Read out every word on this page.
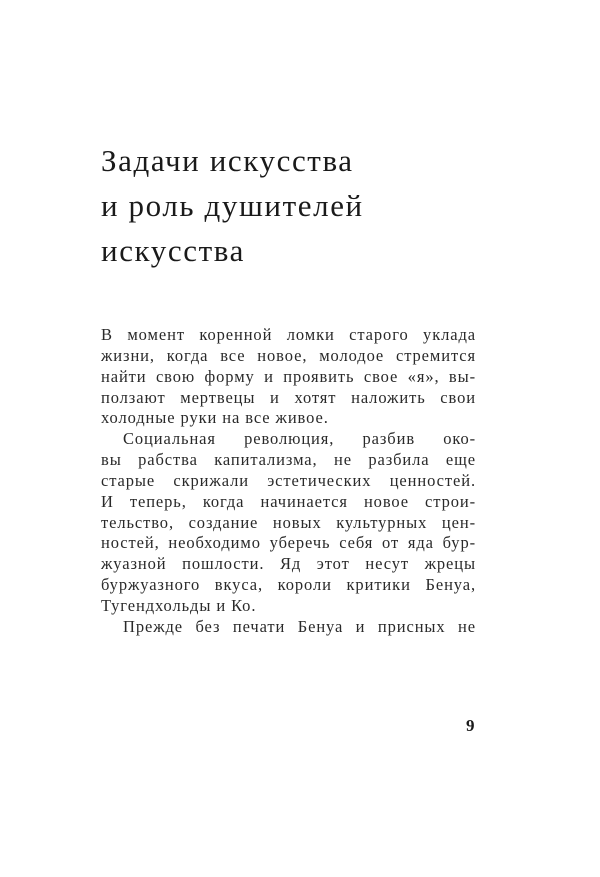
Задачи искусства
и роль душителей
искусства
В момент коренной ломки старого уклада
жизни, когда все новое, молодое стремится
найти свою форму и проявить свое «я», вы-
ползают мертвецы и хотят наложить свои
холодные руки на все живое.
Социальная революция, разбив око-
вы рабства капитализма, не разбила еще
старые скрижали эстетических ценностей.
И теперь, когда начинается новое строи-
тельство, создание новых культурных цен-
ностей, необходимо уберечь себя от яда бур-
жуазной пошлости. Яд этот несут жрецы
буржуазного вкуса, короли критики Бенуа,
Тугендхольды и Ко.
Прежде без печати Бенуа и присных не
9
